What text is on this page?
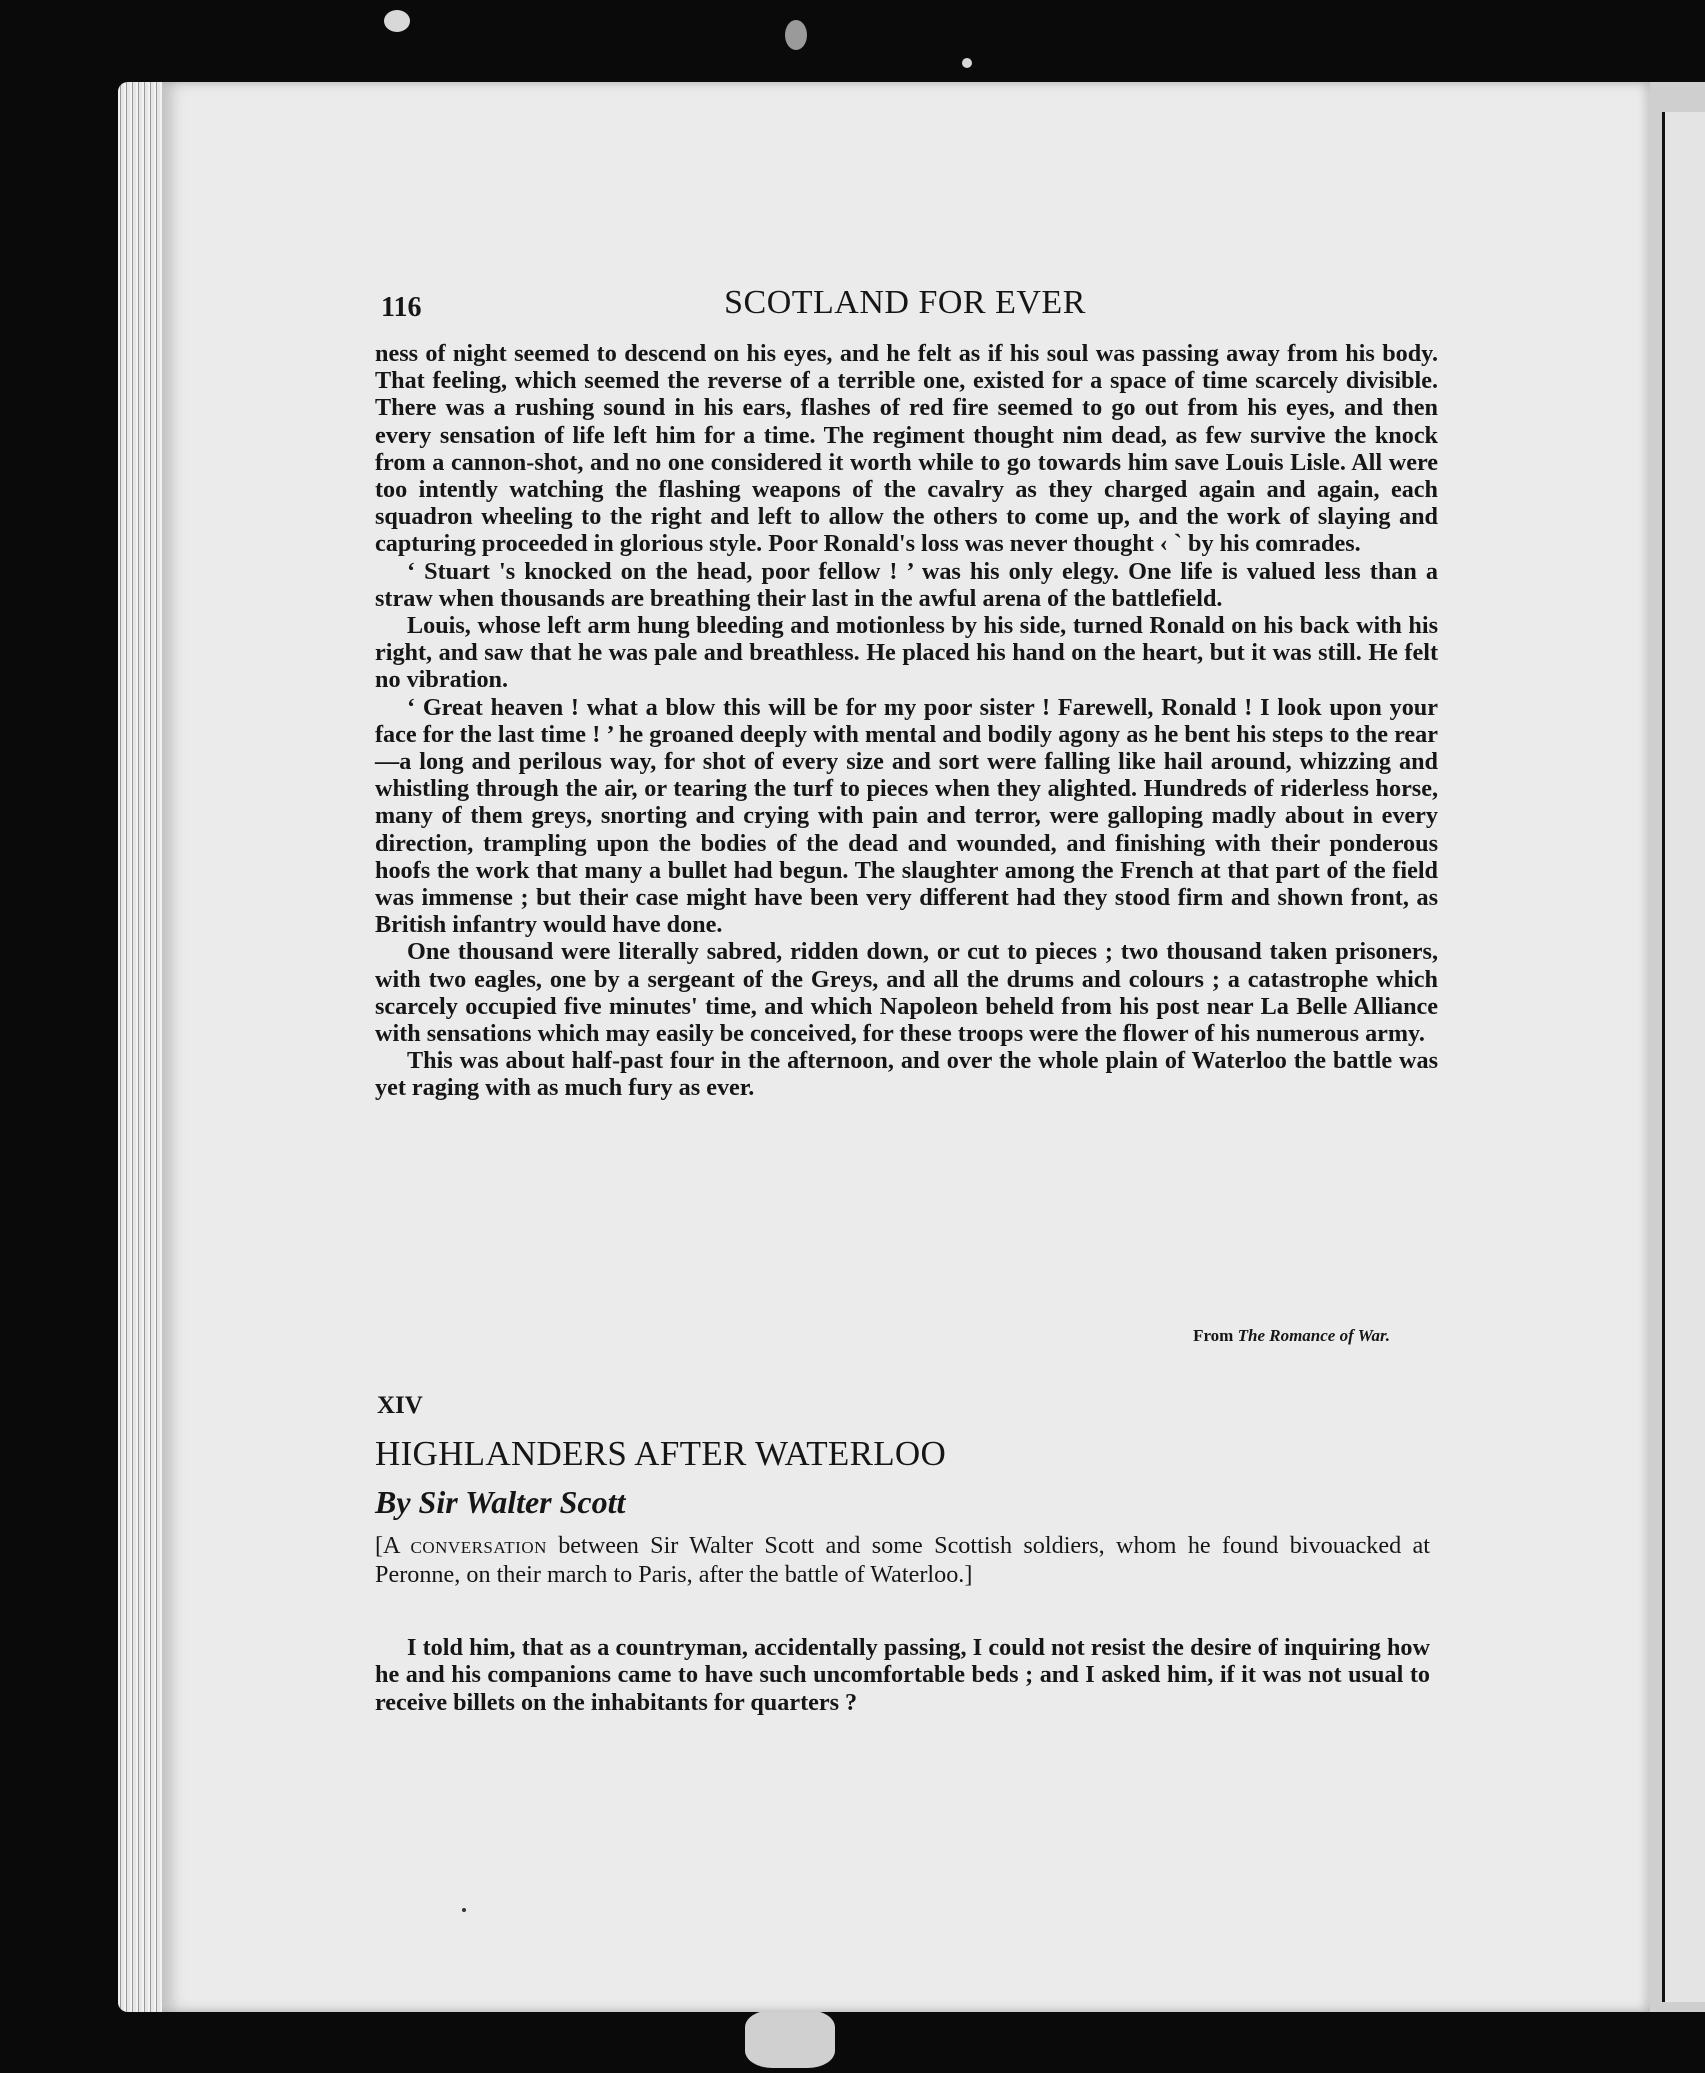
116	SCOTLAND FOR EVER

ness of night seemed to descend on his eyes, and he felt as if his soul was passing away from his body. That feeling, which seemed the reverse of a terrible one, existed for a space of time scarcely divisible. There was a rushing sound in his ears, flashes of red fire seemed to go out from his eyes, and then every sensation of life left him for a time. The regiment thought nim dead, as few survive the knock from a cannon-shot, and no one considered it worth while to go towards him save Louis Lisle. All were too intently watching the flashing weapons of the cavalry as they charged again and again, each squadron wheeling to the right and left to allow the others to come up, and the work of slaying and capturing proceeded in glorious style. Poor Ronald's loss was never thought ‹ ` by his comrades.

‘ Stuart 's knocked on the head, poor fellow ! ’ was his only elegy. One life is valued less than a straw when thousands are breathing their last in the awful arena of the battlefield.

Louis, whose left arm hung bleeding and motionless by his side, turned Ronald on his back with his right, and saw that he was pale and breathless. He placed his hand on the heart, but it was still. He felt no vibration.

‘ Great heaven ! what a blow this will be for my poor sister ! Farewell, Ronald ! I look upon your face for the last time ! ’ he groaned deeply with mental and bodily agony as he bent his steps to the rear—a long and perilous way, for shot of every size and sort were falling like hail around, whizzing and whistling through the air, or tearing the turf to pieces when they alighted. Hundreds of riderless horse, many of them greys, snorting and crying with pain and terror, were galloping madly about in every direction, trampling upon the bodies of the dead and wounded, and finishing with their ponderous hoofs the work that many a bullet had begun. The slaughter among the French at that part of the field was immense ; but their case might have been very different had they stood firm and shown front, as British infantry would have done.

One thousand were literally sabred, ridden down, or cut to pieces ; two thousand taken prisoners, with two eagles, one by a sergeant of the Greys, and all the drums and colours ; a catastrophe which scarcely occupied five minutes' time, and which Napoleon beheld from his post near La Belle Alliance with sensations which may easily be conceived, for these troops were the flower of his numerous army.

This was about half-past four in the afternoon, and over the whole plain of Waterloo the battle was yet raging with as much fury as ever.

From The Romance of War.
XIV
HIGHLANDERS AFTER WATERLOO
By Sir Walter Scott
[A CONVERSATION between Sir Walter Scott and some Scottish soldiers, whom he found bivouacked at Peronne, on their march to Paris, after the battle of Waterloo.]

I told him, that as a countryman, accidentally passing, I could not resist the desire of inquiring how he and his companions came to have such uncomfortable beds ; and I asked him, if it was not usual to receive billets on the inhabitants for quarters ?
